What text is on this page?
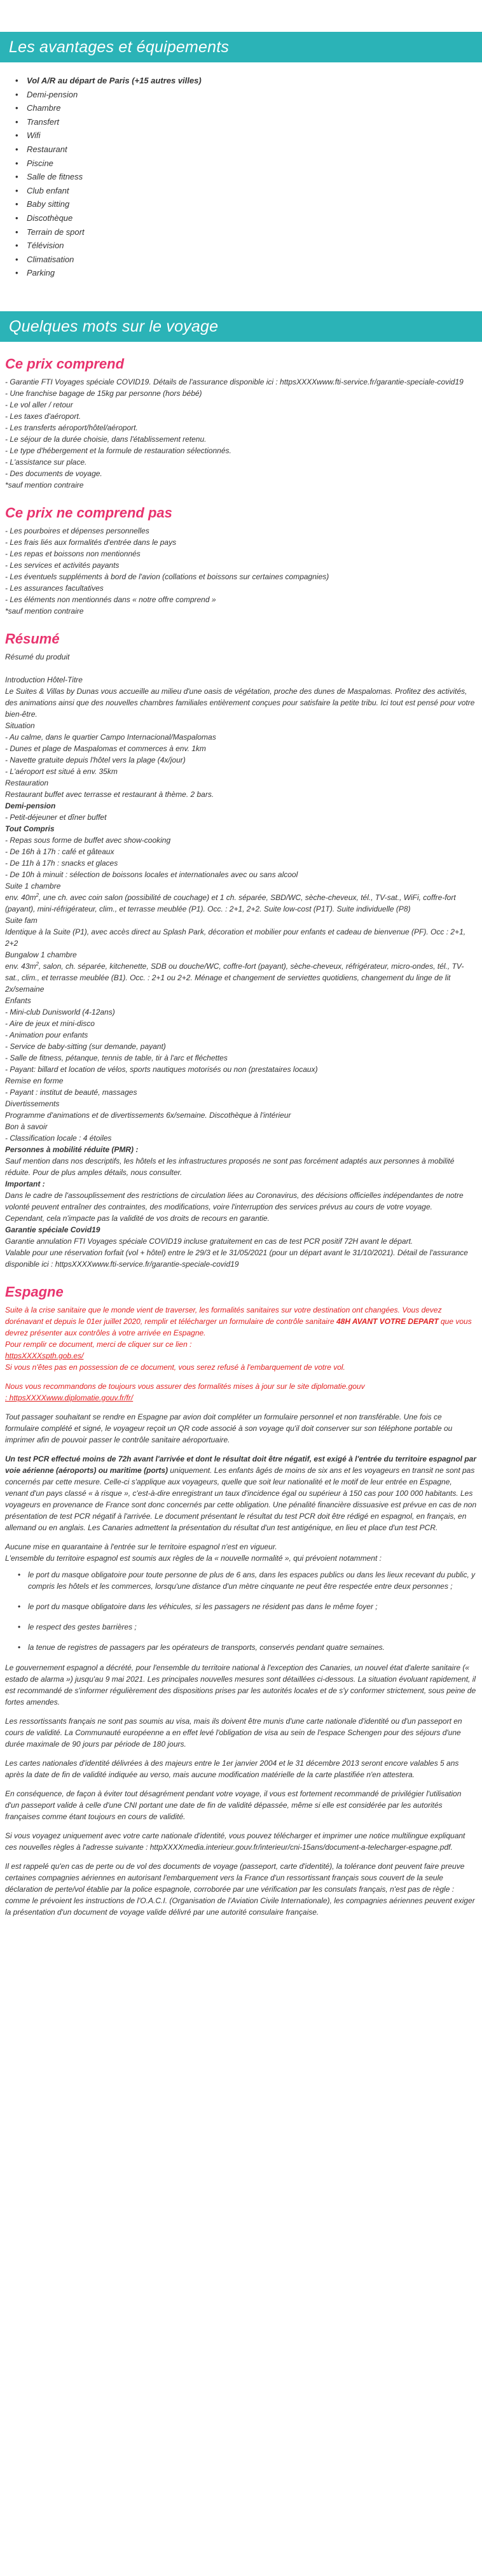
Les avantages et équipements
• Vol A/R au départ de Paris (+15 autres villes)
• Demi-pension
• Chambre
• Transfert
• Wifi
• Restaurant
• Piscine
• Salle de fitness
• Club enfant
• Baby sitting
• Discothèque
• Terrain de sport
• Télévision
• Climatisation
• Parking
Quelques mots sur le voyage
Ce prix comprend

- Garantie FTI Voyages spéciale COVID19. Détails de l'assurance disponible ici : httpsXXXXwww.fti-service.fr/garantie-speciale-covid19

- Une franchise bagage de 15kg par personne (hors bébé)

- Le vol aller / retour

- Les taxes d'aéroport.

- Les transferts aéroport/hôtel/aéroport.

- Le séjour de la durée choisie, dans l'établissement retenu.

- Le type d'hébergement et la formule de restauration sélectionnés.

- L'assistance sur place.

- Des documents de voyage.

*sauf mention contraire

Ce prix ne comprend pas

- Les pourboires et dépenses personnelles

- Les frais liés aux formalités d'entrée dans le pays

- Les repas et boissons non mentionnés

- Les services et activités payants

- Les éventuels suppléments à bord de l'avion (collations et boissons sur certaines compagnies)

- Les assurances facultatives

- Les éléments non mentionnés dans « notre offre comprend »

*sauf mention contraire

Résumé

Résumé du produit

Introduction Hôtel-Titre

Le Suites & Villas by Dunas vous accueille au milieu d'une oasis de végétation, proche des dunes de Maspalomas. Profitez des activités, des animations ainsi que des nouvelles chambres familiales entièrement conçues pour satisfaire la petite tribu. Ici tout est pensé pour votre bien-être.

Situation

- Au calme, dans le quartier Campo Internacional/Maspalomas

- Dunes et plage de Maspalomas et commerces à env. 1km

- Navette gratuite depuis l'hôtel vers la plage (4x/jour)

- L'aéroport est situé à env. 35km

Restauration

Restaurant buffet avec terrasse et restaurant à thème. 2 bars.

Demi-pension

- Petit-déjeuner et dîner buffet

Tout Compris

- Repas sous forme de buffet avec show-cooking

- De 16h à 17h : café et gâteaux

- De 11h à 17h : snacks et glaces

- De 10h à minuit : sélection de boissons locales et internationales avec ou sans alcool

Suite 1 chambre

env. $40m^2$, une ch. avec coin salon (possibilité de couchage) et 1 ch. séparée, SBD/WC, sèche-cheveux, tél., TV-sat., WiFi, coffre-fort (payant), mini-réfrigérateur, clim., et terrasse meublée (P1). Occ. : 2+1, 2+2. Suite low-cost (P1T). Suite individuelle (P8)

Suite fam

Identique à la Suite (P1), avec accès direct au Splash Park, décoration et mobilier pour enfants et cadeau de bienvenue (PF). Occ : 2+1, 2+2

Bungalow 1 chambre

env. $43m^2$, salon, ch. séparée, kitchenette, SDB ou douche/WC, coffre-fort (payant), sèche-cheveux, réfrigérateur, micro-ondes, tél., TV-sat., clim., et terrasse meublée (B1). Occ. : 2+1 ou 2+2. Ménage et changement de serviettes quotidiens, changement du linge de lit 2x/semaine

Enfants

- Mini-club Dunisworld (4-12ans)

- Aire de jeux et mini-disco

- Animation pour enfants

- Service de baby-sitting (sur demande, payant)

- Salle de fitness, pétanque, tennis de table, tir à l'arc et fléchettes

- Payant: billard et location de vélos, sports nautiques motorisés ou non (prestataires locaux)

Remise en forme

- Payant : institut de beauté, massages

Divertissements

Programme d'animations et de divertissements 6x/semaine. Discothèque à l'intérieur

Bon à savoir

- Classification locale : 4 étoiles

Personnes à mobilité réduite (PMR) :

Sauf mention dans nos descriptifs, les hôtels et les infrastructures proposés ne sont pas forcément adaptés aux personnes à mobilité réduite. Pour de plus amples détails, nous consulter.

Important :

Dans le cadre de l'assouplissement des restrictions de circulation liées au Coronavirus, des décisions officielles indépendantes de notre volonté peuvent entraîner des contraintes, des modifications, voire l'interruption des services prévus au cours de votre voyage.

Cependant, cela n'impacte pas la validité de vos droits de recours en garantie.

Garantie spéciale Covid19

Garantie annulation FTI Voyages spéciale COVID19 incluse gratuitement en cas de test PCR positif 72H avant le départ.

Valable pour une réservation forfait (vol + hôtel) entre le 29/3 et le 31/05/2021 (pour un départ avant le 31/10/2021). Détail de l'assurance disponible ici : httpsXXXXwww.fti-service.fr/garantie-speciale-covid19

Espagne

Suite à la crise sanitaire que le monde vient de traverser, les formalités sanitaires sur votre destination ont changées. Vous devez dorénavant et depuis le 01er juillet 2020, remplir et télécharger un formulaire de contrôle sanitaire 48H AVANT VOTRE DEPART que vous devrez présenter aux contrôles à votre arrivée en Espagne.

Pour remplir ce document, merci de cliquer sur ce lien :

httpsXXXXspth.gob.es/

Si vous n'êtes pas en possession de ce document, vous serez refusé à l'embarquement de votre vol.

Nous vous recommandons de toujours vous assurer des formalités mises à jour sur le site diplomatie.gouv

: httpsXXXXwww.diplomatie.gouv.fr/fr/

Tout passager souhaitant se rendre en Espagne par avion doit compléter un formulaire personnel et non transférable. Une fois ce formulaire complété et signé, le voyageur reçoit un QR code associé à son voyage qu'il doit conserver sur son téléphone portable ou imprimer afin de pouvoir passer le contrôle sanitaire aéroportuaire.

Un test PCR effectué moins de 72h avant l'arrivée et dont le résultat doit être négatif, est exigé à l'entrée du territoire espagnol par voie aérienne (aéroports) ou maritime (ports) uniquement. Les enfants âgés de moins de six ans et les voyageurs en transit ne sont pas concernés par cette mesure. Celle-ci s'applique aux voyageurs, quelle que soit leur nationalité et le motif de leur entrée en Espagne, venant d'un pays classé « à risque », c'est-à-dire enregistrant un taux d'incidence égal ou supérieur à 150 cas pour 100 000 habitants. Les voyageurs en provenance de France sont donc concernés par cette obligation. Une pénalité financière dissuasive est prévue en cas de non présentation de test PCR négatif à l'arrivée. Le document présentant le résultat du test PCR doit être rédigé en espagnol, en français, en allemand ou en anglais. Les Canaries admettent la présentation du résultat d'un test antigénique, en lieu et place d'un test PCR.

Aucune mise en quarantaine à l'entrée sur le territoire espagnol n'est en vigueur.

L'ensemble du territoire espagnol est soumis aux règles de la « nouvelle normalité », qui prévoient notamment :

• le port du masque obligatoire pour toute personne de plus de 6 ans, dans les espaces publics ou dans les lieux recevant du public, y compris les hôtels et les commerces, lorsqu'une distance d'un mètre cinquante ne peut être respectée entre deux personnes ;
• le port du masque obligatoire dans les véhicules, si les passagers ne résident pas dans le même foyer ;
• le respect des gestes barrières ;
• la tenue de registres de passagers par les opérateurs de transports, conservés pendant quatre semaines.

Le gouvernement espagnol a décrété, pour l'ensemble du territoire national à l'exception des Canaries, un nouvel état d'alerte sanitaire (« estado de alarma ») jusqu'au 9 mai 2021. Les principales nouvelles mesures sont détaillées ci-dessous. La situation évoluant rapidement, il est recommandé de s'informer régulièrement des dispositions prises par les autorités locales et de s'y conformer strictement, sous peine de fortes amendes.

Les ressortissants français ne sont pas soumis au visa, mais ils doivent être munis d'une carte nationale d'identité ou d'un passeport en cours de validité. La Communauté européenne a en effet levé l'obligation de visa au sein de l'espace Schengen pour des séjours d'une durée maximale de 90 jours par période de 180 jours.

Les cartes nationales d'identité délivrées à des majeurs entre le 1er janvier 2004 et le 31 décembre 2013 seront encore valables 5 ans après la date de fin de validité indiquée au verso, mais aucune modification matérielle de la carte plastifiée n'en attestera.

En conséquence, de façon à éviter tout désagrément pendant votre voyage, il vous est fortement recommandé de privilégier l'utilisation d'un passeport valide à celle d'une CNI portant une date de fin de validité dépassée, même si elle est considérée par les autorités françaises comme étant toujours en cours de validité.

Si vous voyagez uniquement avec votre carte nationale d'identité, vous pouvez télécharger et imprimer une notice multilingue expliquant ces nouvelles règles à l'adresse suivante : httpXXXXmedia.interieur.gouv.fr/interieur/cni-15ans/document-a-telecharger-espagne.pdf.

Il est rappelé qu'en cas de perte ou de vol des documents de voyage (passeport, carte d'identité), la tolérance dont peuvent faire preuve certaines compagnies aériennes en autorisant l'embarquement vers la France d'un ressortissant français sous couvert de la seule déclaration de perte/vol établie par la police espagnole, corroborée par une vérification par les consulats français, n'est pas de règle : comme le prévoient les instructions de l'O.A.C.I. (Organisation de l'Aviation Civile Internationale), les compagnies aériennes peuvent exiger la présentation d'un document de voyage valide délivré par une autorité consulaire française.
